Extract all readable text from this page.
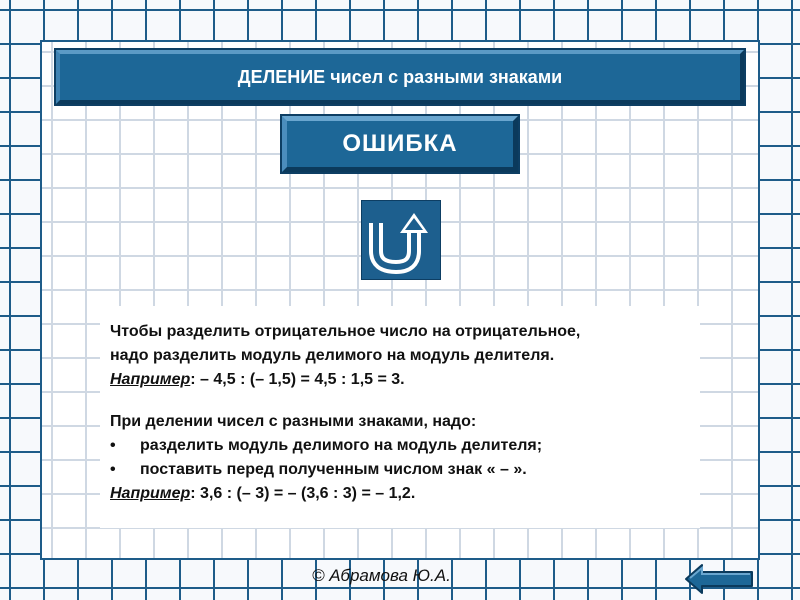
ДЕЛЕНИЕ чисел с разными знаками
ОШИБКА
Чтобы разделить отрицательное число на отрицательное,
надо разделить модуль делимого на модуль делителя.
Например: – 4,5 : (– 1,5) = 4,5 : 1,5 = 3.
При делении чисел с разными знаками, надо:
•	разделить модуль делимого на модуль делителя;
•	поставить перед полученным числом знак « – ».
Например: 3,6 : (– 3) = – (3,6 : 3) = – 1,2.
© Абрамова Ю.А.
